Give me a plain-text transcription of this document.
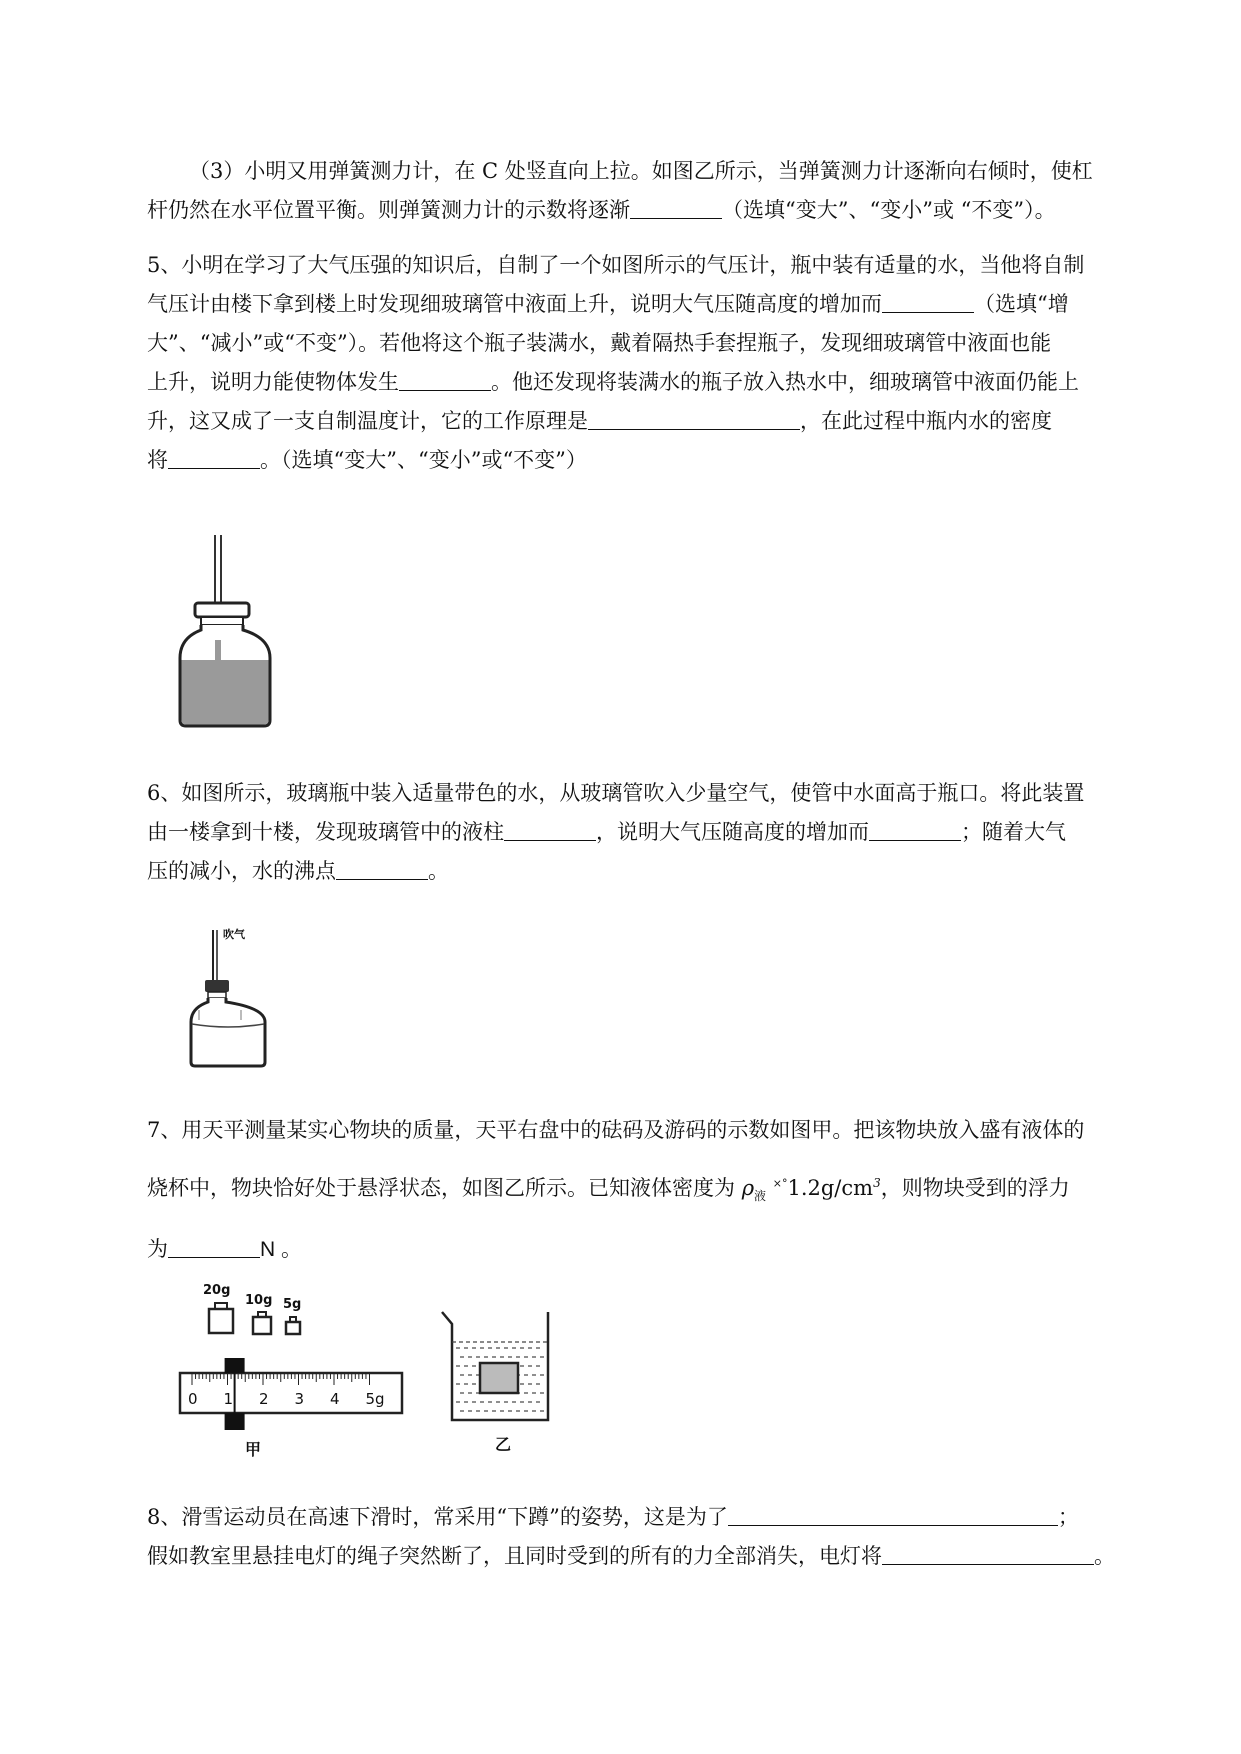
（3）小明又用弹簧测力计，在 C 处竖直向上拉。如图乙所示，当弹簧测力计逐渐向右倾时，使杠
杆仍然在水平位置平衡。则弹簧测力计的示数将逐渐	（选填“变大”、“变小”或 “不变”）。
5、小明在学习了大气压强的知识后，自制了一个如图所示的气压计，瓶中装有适量的水，当他将自制
气压计由楼下拿到楼上时发现细玻璃管中液面上升，说明大气压随高度的增加而	（选填“增
大”、“减小”或“不变”）。若他将这个瓶子装满水，戴着隔热手套捏瓶子，发现细玻璃管中液面也能
上升，说明力能使物体发生	。他还发现将装满水的瓶子放入热水中，细玻璃管中液面仍能上
升，这又成了一支自制温度计，它的工作原理是	，在此过程中瓶内水的密度
将	。（选填“变大”、“变小”或“不变”）
6、如图所示，玻璃瓶中装入适量带色的水，从玻璃管吹入少量空气，使管中水面高于瓶口。将此装置
由一楼拿到十楼，发现玻璃管中的液柱	，说明大气压随高度的增加而	；随着大气
压的减小，水的沸点	。
吹气
7、用天平测量某实心物块的质量，天平右盘中的砝码及游码的示数如图甲。把该物块放入盛有液体的
烧杯中，物块恰好处于悬浮状态，如图乙所示。已知液体密度为 $\rho_液$ $^{\times^\circ}1.2g/cm^3$，则物块受到的浮力
为	N 。
20g
10g 5g
0 1 2 3 4 5g
甲	乙
8、滑雪运动员在高速下滑时，常采用“下蹲”的姿势，这是为了	；
假如教室里悬挂电灯的绳子突然断了，且同时受到的所有的力全部消失，电灯将	。
